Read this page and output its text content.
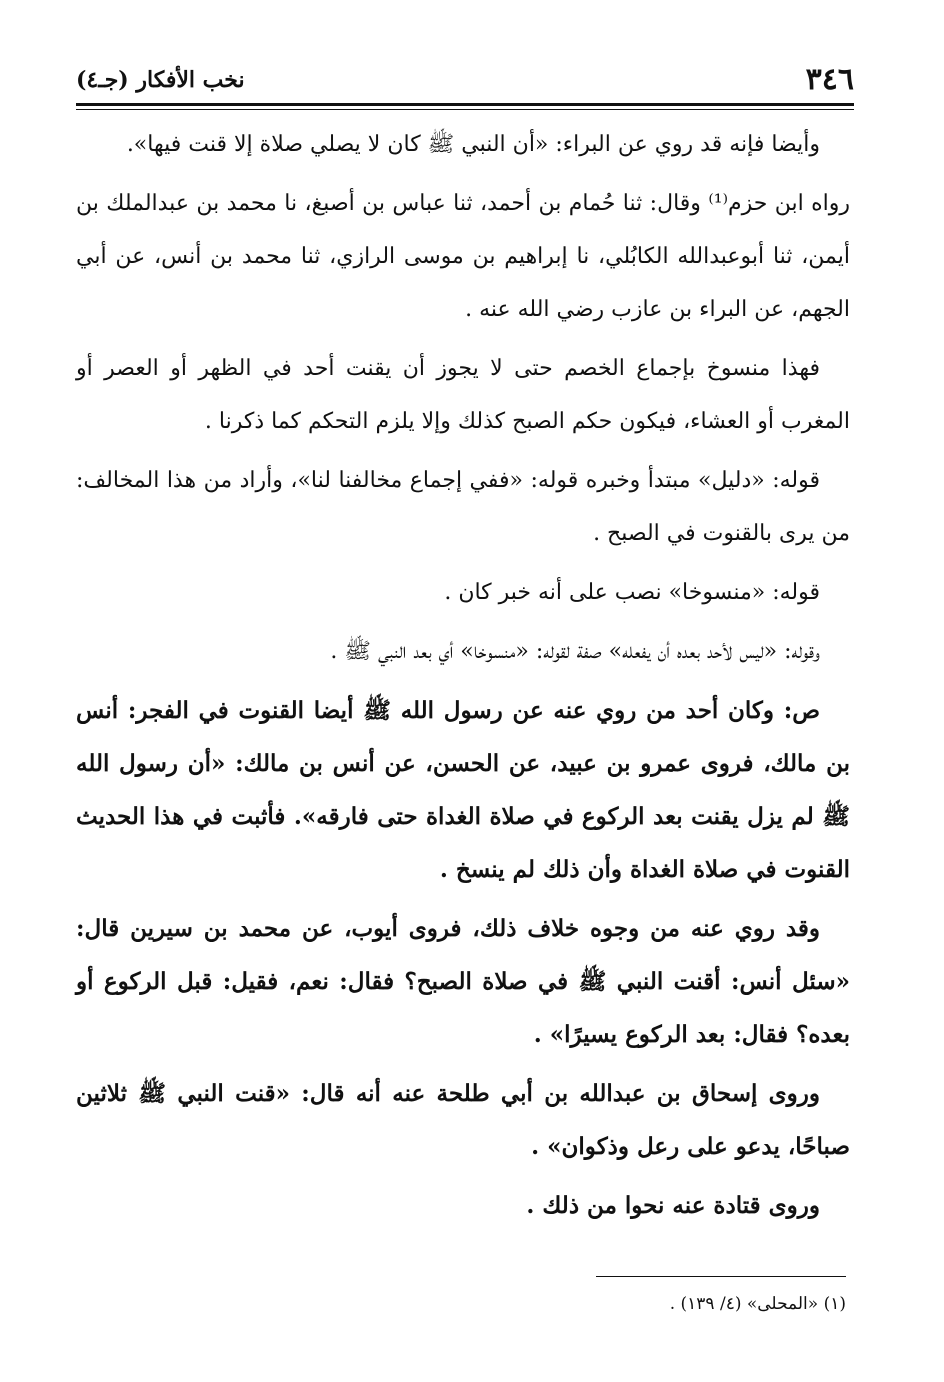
٣٤٦
نخب الأفكار (جـ٤)

وأيضا فإنه قد روي عن البراء: «أن النبي ﷺ كان لا يصلي صلاة إلا قنت فيها».

رواه ابن حزم⁽¹⁾ وقال: ثنا حُمام بن أحمد، ثنا عباس بن أصبغ، نا محمد بن عبدالملك بن أيمن، ثنا أبوعبدالله الكابُلي، نا إبراهيم بن موسى الرازي، ثنا محمد بن أنس، عن أبي الجهم، عن البراء بن عازب رضي الله عنه .

فهذا منسوخ بإجماع الخصم حتى لا يجوز أن يقنت أحد في الظهر أو العصر أو المغرب أو العشاء، فيكون حكم الصبح كذلك وإلا يلزم التحكم كما ذكرنا .

قوله: «دليل» مبتدأ وخبره قوله: «ففي إجماع مخالفنا لنا»، وأراد من هذا المخالف: من يرى بالقنوت في الصبح .

قوله: «منسوخا» نصب على أنه خبر كان .

وقوله: «ليس لأحد بعده أن يفعله» صفة لقوله: «منسوخا» أي بعد النبي ﷺ .

ص: وكان أحد من روي عنه عن رسول الله ﷺ أيضا القنوت في الفجر: أنس بن مالك، فروى عمرو بن عبيد، عن الحسن، عن أنس بن مالك: «أن رسول الله ﷺ لم يزل يقنت بعد الركوع في صلاة الغداة حتى فارقه». فأثبت في هذا الحديث القنوت في صلاة الغداة وأن ذلك لم ينسخ .

وقد روي عنه من وجوه خلاف ذلك، فروى أيوب، عن محمد بن سيرين قال: «سئل أنس: أقنت النبي ﷺ في صلاة الصبح؟ فقال: نعم، فقيل: قبل الركوع أو بعده؟ فقال: بعد الركوع يسيرًا» .

وروى إسحاق بن عبدالله بن أبي طلحة عنه أنه قال: «قنت النبي ﷺ ثلاثين صباحًا، يدعو على رعل وذكوان» .

وروى قتادة عنه نحوا من ذلك .

(١) «المحلى» (٤/ ١٣٩) .
